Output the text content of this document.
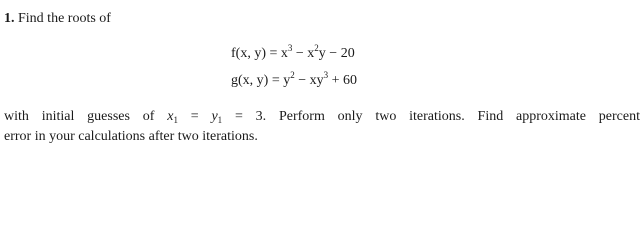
1. Find the roots of
f(x, $y) = x^3 - x^2y - 20$
g(x, $y) = y^2 - xy^3 + 60$
with initial guesses of $x_1 = y_1 = 3$. Perform only two iterations. Find approximate percent
error in your calculations after two iterations.
